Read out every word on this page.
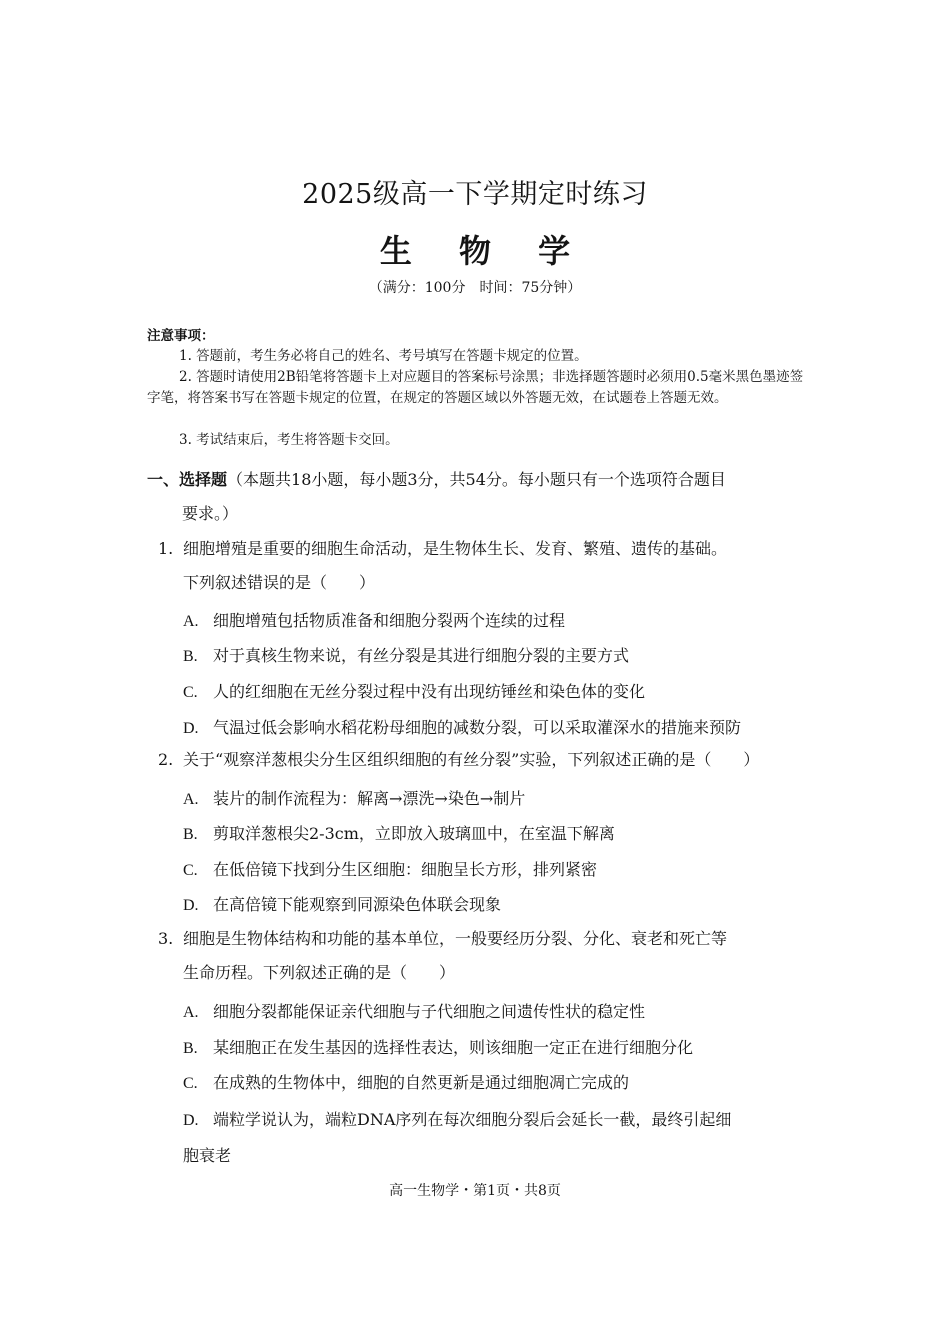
2025级高一下学期定时练习
生 物 学
（满分：100分　时间：75分钟）
注意事项：
1. 答题前，考生务必将自己的姓名、考号填写在答题卡规定的位置。
2. 答题时请使用2B铅笔将答题卡上对应题目的答案标号涂黑；非选择题答题时必须用0.5毫米黑色墨迹签字笔，将答案书写在答题卡规定的位置，在规定的答题区域以外答题无效，在试题卷上答题无效。
3. 考试结束后，考生将答题卡交回。
一、选择题（本题共18小题，每小题3分，共54分。每小题只有一个选项符合题目
要求。）
1. 细胞增殖是重要的细胞生命活动，是生物体生长、发育、繁殖、遗传的基础。
下列叙述错误的是（　　）
A. 细胞增殖包括物质准备和细胞分裂两个连续的过程
B. 对于真核生物来说，有丝分裂是其进行细胞分裂的主要方式
C. 人的红细胞在无丝分裂过程中没有出现纺锤丝和染色体的变化
D. 气温过低会影响水稻花粉母细胞的减数分裂，可以采取灌深水的措施来预防
2. 关于“观察洋葱根尖分生区组织细胞的有丝分裂”实验，下列叙述正确的是（　　）
A. 装片的制作流程为：解离→漂洗→染色→制片
B. 剪取洋葱根尖2-3cm，立即放入玻璃皿中，在室温下解离
C. 在低倍镜下找到分生区细胞：细胞呈长方形，排列紧密
D. 在高倍镜下能观察到同源染色体联会现象
3. 细胞是生物体结构和功能的基本单位，一般要经历分裂、分化、衰老和死亡等
生命历程。下列叙述正确的是（　　）
A. 细胞分裂都能保证亲代细胞与子代细胞之间遗传性状的稳定性
B. 某细胞正在发生基因的选择性表达，则该细胞一定正在进行细胞分化
C. 在成熟的生物体中，细胞的自然更新是通过细胞凋亡完成的
D. 端粒学说认为，端粒DNA序列在每次细胞分裂后会延长一截，最终引起细
胞衰老
高一生物学・第1页・共8页
